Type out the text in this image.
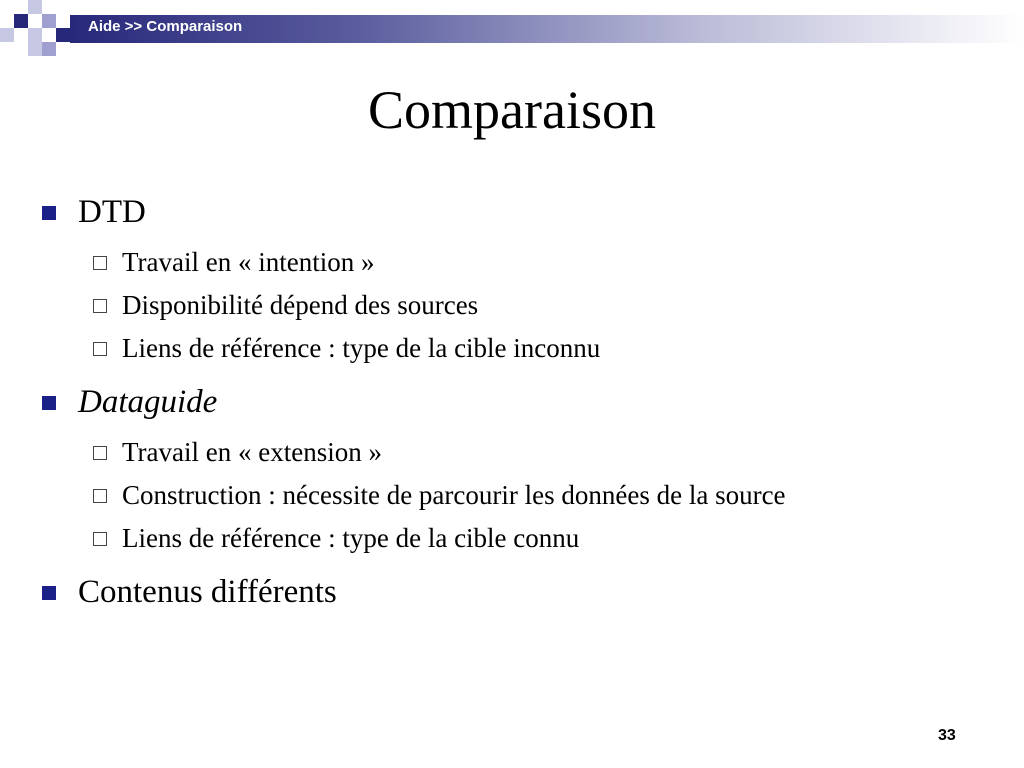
Aide >> Comparaison
Comparaison
DTD
Travail en « intention »
Disponibilité dépend des sources
Liens de référence : type de la cible inconnu
Dataguide
Travail en « extension »
Construction : nécessite de parcourir les données de la source
Liens de référence : type de la cible connu
Contenus différents
33
